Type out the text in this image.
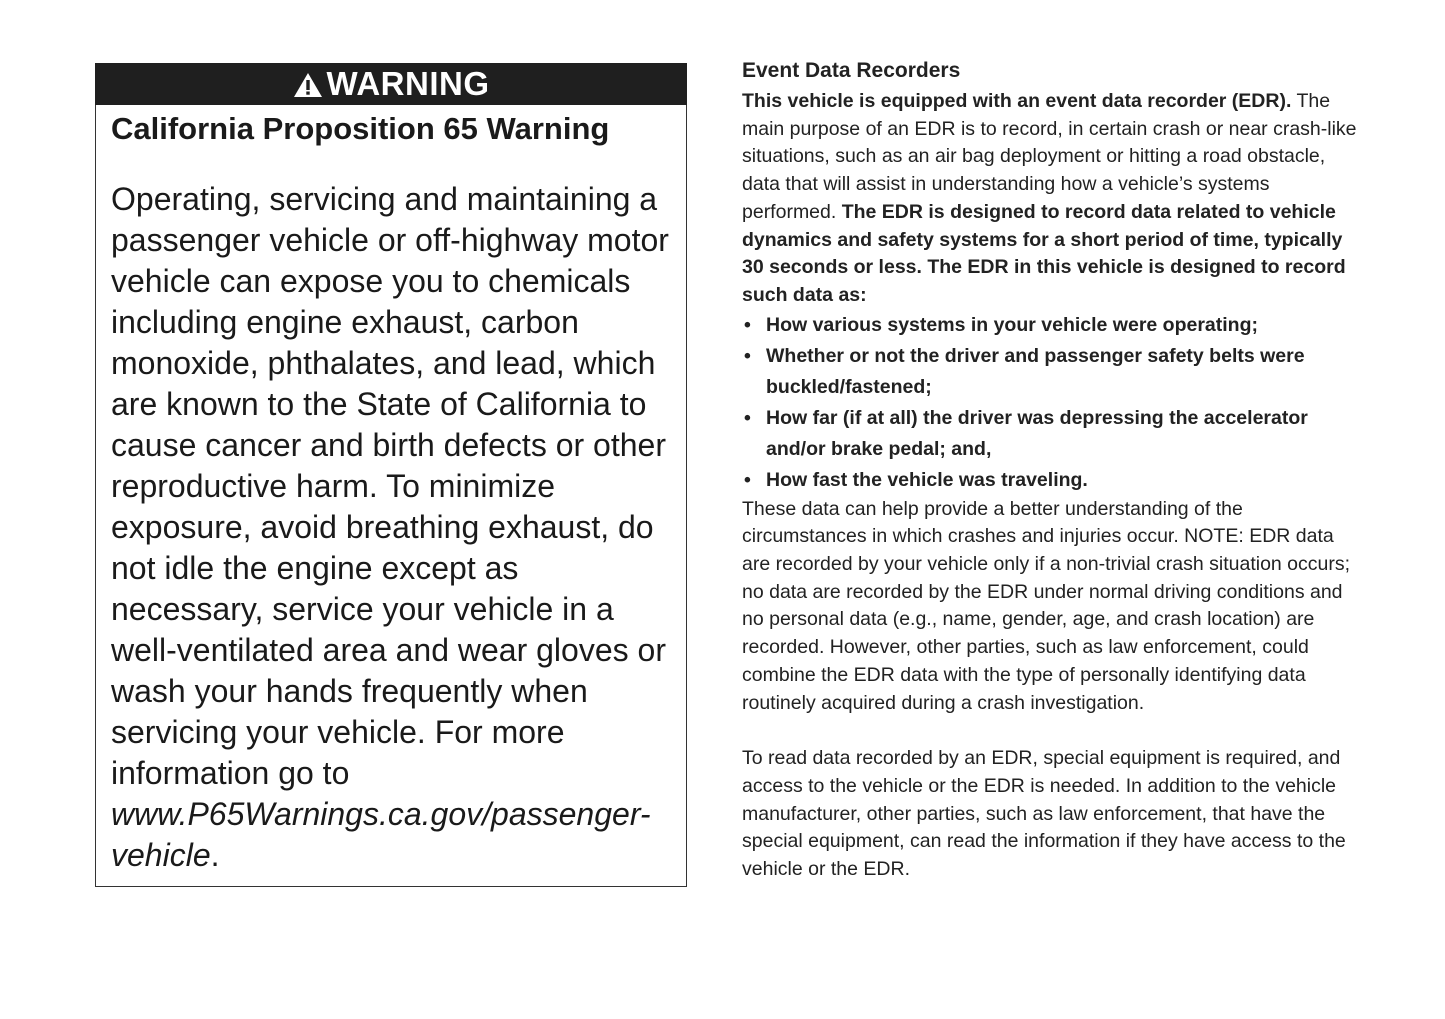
WARNING
California Proposition 65 Warning
Operating, servicing and maintaining a passenger vehicle or off-highway motor vehicle can expose you to chemicals including engine exhaust, carbon monoxide, phthalates, and lead, which are known to the State of California to cause cancer and birth defects or other reproductive harm. To minimize exposure, avoid breathing exhaust, do not idle the engine except as necessary, service your vehicle in a well-ventilated area and wear gloves or wash your hands frequently when servicing your vehicle. For more information go to www.P65Warnings.ca.gov/passenger-vehicle.
Event Data Recorders

This vehicle is equipped with an event data recorder (EDR). The main purpose of an EDR is to record, in certain crash or near crash-like situations, such as an air bag deployment or hitting a road obstacle, data that will assist in understanding how a vehicle’s systems performed. The EDR is designed to record data related to vehicle dynamics and safety systems for a short period of time, typically 30 seconds or less. The EDR in this vehicle is designed to record such data as:

• How various systems in your vehicle were operating;
• Whether or not the driver and passenger safety belts were buckled/fastened;
• How far (if at all) the driver was depressing the accelerator and/or brake pedal; and,
• How fast the vehicle was traveling.

These data can help provide a better understanding of the circumstances in which crashes and injuries occur. NOTE: EDR data are recorded by your vehicle only if a non-trivial crash situation occurs; no data are recorded by the EDR under normal driving conditions and no personal data (e.g., name, gender, age, and crash location) are recorded. However, other parties, such as law enforcement, could combine the EDR data with the type of personally identifying data routinely acquired during a crash investigation.

To read data recorded by an EDR, special equipment is required, and access to the vehicle or the EDR is needed. In addition to the vehicle manufacturer, other parties, such as law enforcement, that have the special equipment, can read the information if they have access to the vehicle or the EDR.
